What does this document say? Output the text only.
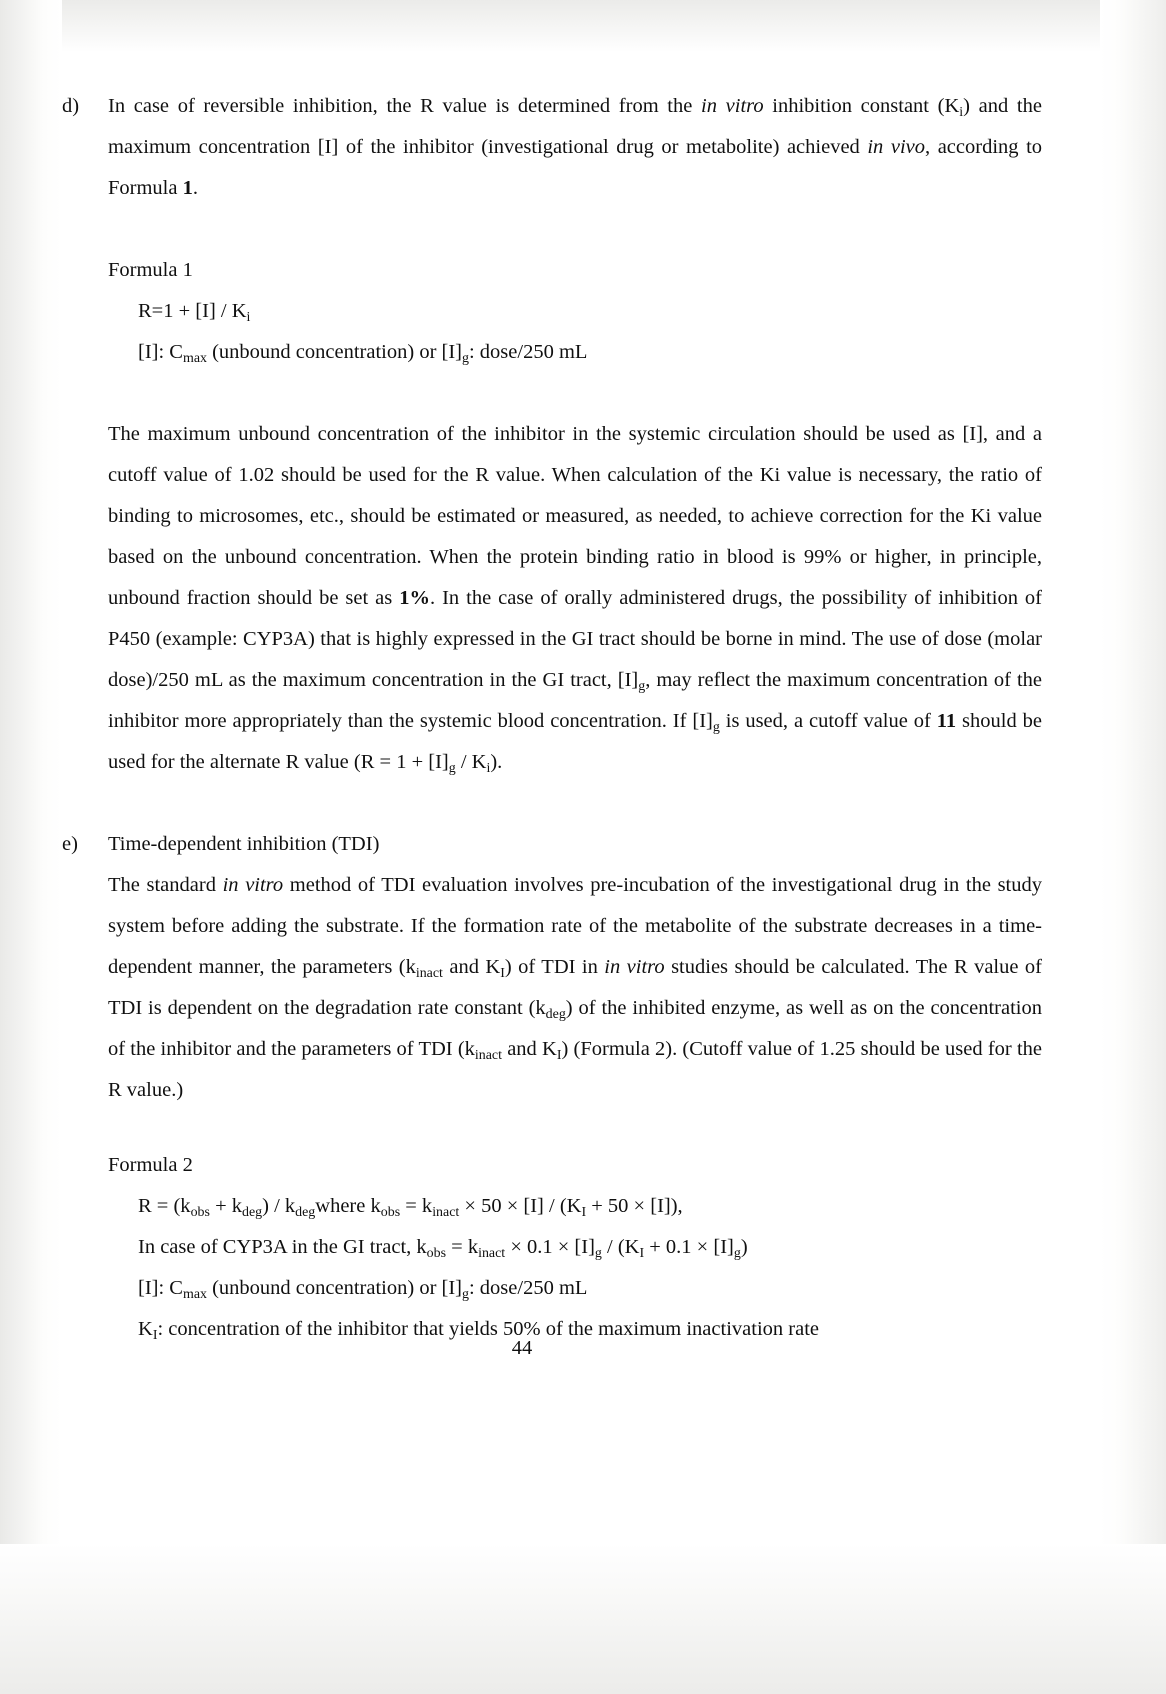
d)	In case of reversible inhibition, the R value is determined from the in vitro inhibition constant $(K_i)$ and the maximum concentration [I] of the inhibitor (investigational drug or metabolite) achieved in vivo, according to Formula 1.

Formula 1

$R=1 + [I] / K_i$

[I]: $C_{max}$ (unbound concentration) or $[I]_g$: dose/250 mL

The maximum unbound concentration of the inhibitor in the systemic circulation should be used as [I], and a cutoff value of 1.02 should be used for the R value. When calculation of the Ki value is necessary, the ratio of binding to microsomes, etc., should be estimated or measured, as needed, to achieve correction for the Ki value based on the unbound concentration. When the protein binding ratio in blood is 99% or higher, in principle, unbound fraction should be set as 1%. In the case of orally administered drugs, the possibility of inhibition of P450 (example: CYP3A) that is highly expressed in the GI tract should be borne in mind. The use of dose (molar dose)/250 mL as the maximum concentration in the GI tract, $[I]_g$, may reflect the maximum concentration of the inhibitor more appropriately than the systemic blood concentration. If $[I]_g$ is used, a cutoff value of 11 should be used for the alternate R value $(R = 1 + [I]_g / K_i)$.

e)	Time-dependent inhibition (TDI)

The standard in vitro method of TDI evaluation involves pre-incubation of the investigational drug in the study system before adding the substrate. If the formation rate of the metabolite of the substrate decreases in a time-dependent manner, the parameters ($k_{inact}$ and $K_I$) of TDI in in vitro studies should be calculated. The R value of TDI is dependent on the degradation rate constant $(k_{deg})$ of the inhibited enzyme, as well as on the concentration of the inhibitor and the parameters of TDI ($k_{inact}$ and $K_I$) (Formula 2). (Cutoff value of 1.25 should be used for the R value.)

Formula 2

$R = (k_{obs} + k_{deg})$ / $k_{deg}where$ $k_{obs} = k_{inact} \times 50 \times [I] / (K_I + 50 \times [I])$,

In case of CYP3A in the GI tract, $k_{obs} = k_{inact} \times 0.1 \times [I]_g / (K_I + 0.1 \times [I]_g)$

[I]: $C_{max}$ (unbound concentration) or $[I]_g$: dose/250 mL

$K_I$: concentration of the inhibitor that yields 50% of the maximum inactivation rate

44
